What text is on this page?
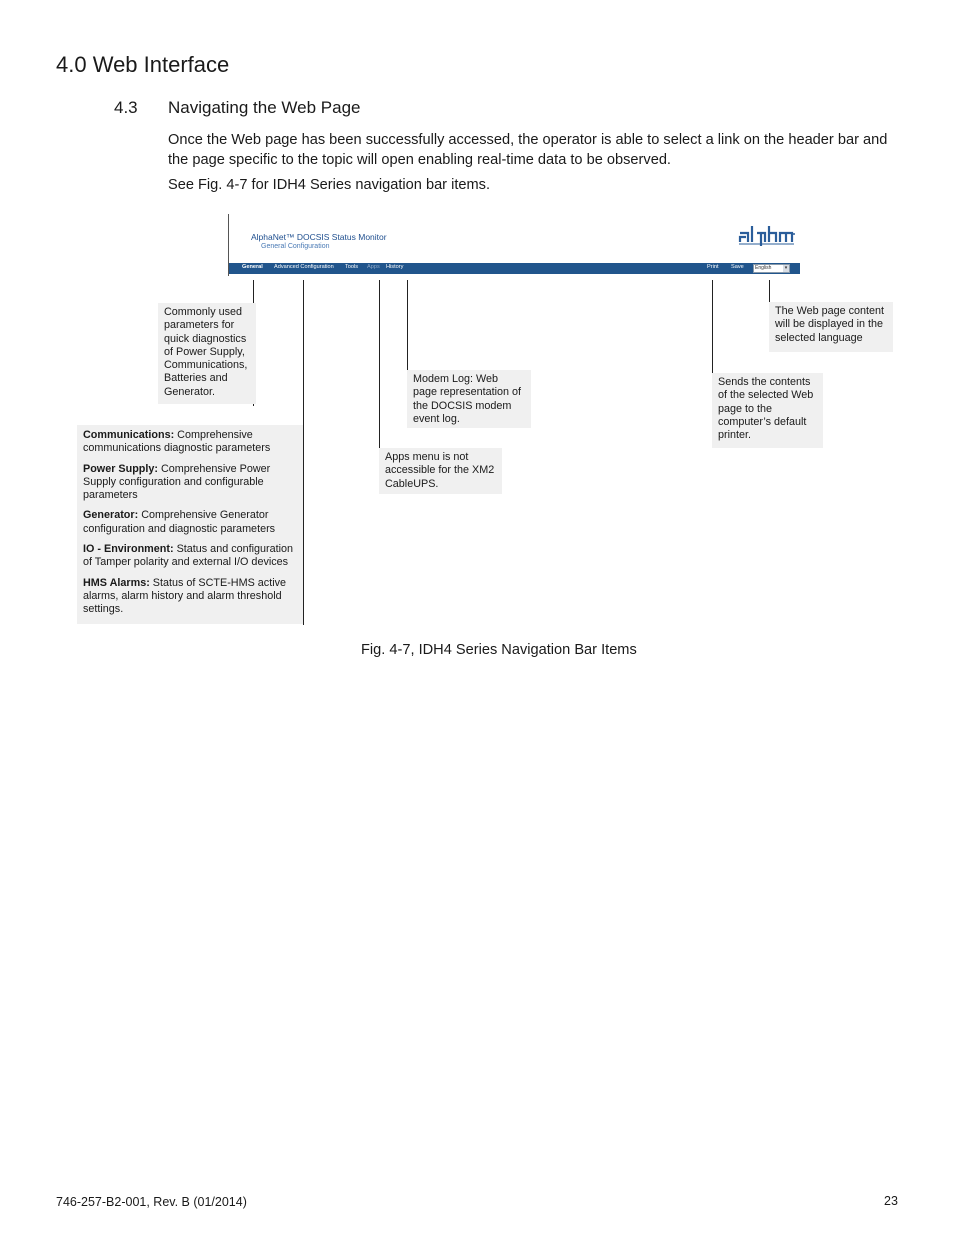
4.0 Web Interface
4.3 Navigating the Web Page
Once the Web page has been successfully accessed, the operator is able to select a link on the header bar and the page specific to the topic will open enabling real-time data to be observed.
See Fig. 4-7 for IDH4 Series navigation bar items.
AlphaNet™ DOCSIS Status Monitor
General Configuration
General Advanced Configuration Tools Apps History	Print Save	English	▾
Commonly used parameters for quick diagnostics of Power Supply, Communications, Batteries and Generator.

Communications: Comprehensive communications diagnostic parameters

Power Supply: Comprehensive Power Supply configuration and configurable parameters

Generator: Comprehensive Generator configuration and diagnostic parameters

IO - Environment: Status and configuration of Tamper polarity and external I/O devices

HMS Alarms: Status of SCTE-HMS active alarms, alarm history and alarm threshold settings.

Apps menu is not accessible for the XM2 CableUPS.
Modem Log: Web page representation of the DOCSIS modem event log.
Sends the contents of the selected Web page to the computer’s default printer.
The Web page content will be displayed in the selected language
Fig. 4-7, IDH4 Series Navigation Bar Items
746-257-B2-001, Rev. B (01/2014)	23
